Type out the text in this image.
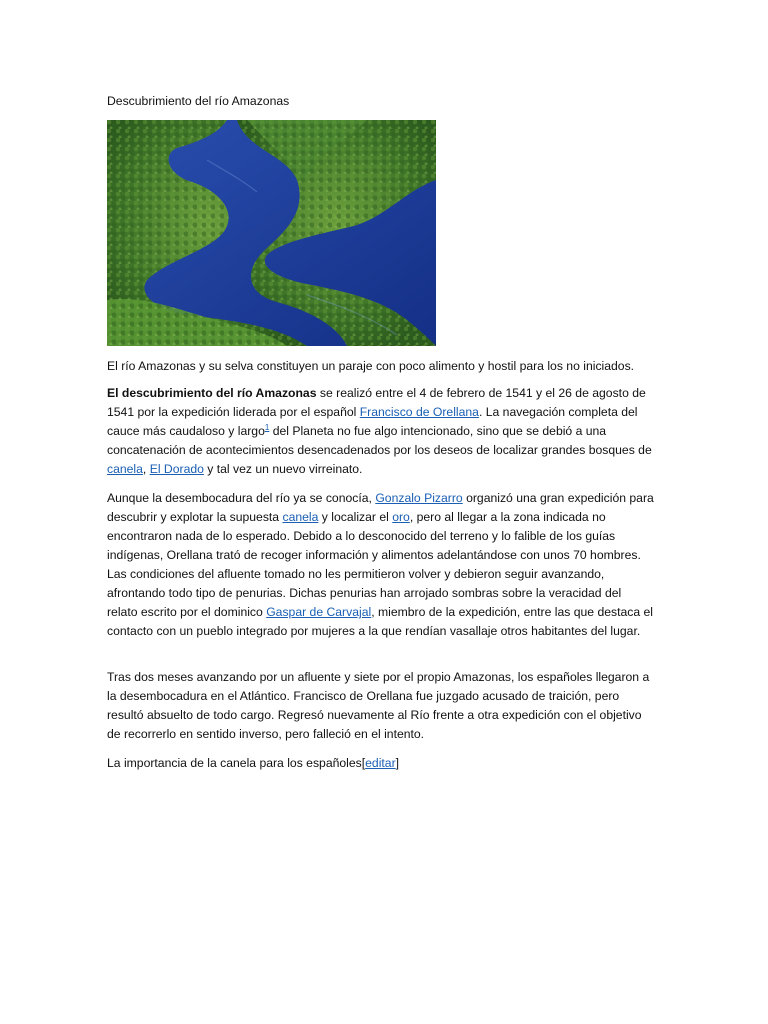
Descubrimiento del río Amazonas

El río Amazonas y su selva constituyen un paraje con poco alimento y hostil para los no iniciados.

El descubrimiento del río Amazonas se realizó entre el 4 de febrero de 1541 y el 26 de agosto de 1541 por la expedición liderada por el español Francisco de Orellana. La navegación completa del cauce más caudaloso y largo$^1$ del Planeta no fue algo intencionado, sino que se debió a una concatenación de acontecimientos desencadenados por los deseos de localizar grandes bosques de canela, El Dorado y tal vez un nuevo virreinato.

Aunque la desembocadura del río ya se conocía, Gonzalo Pizarro organizó una gran expedición para descubrir y explotar la supuesta canela y localizar el oro, pero al llegar a la zona indicada no encontraron nada de lo esperado. Debido a lo desconocido del terreno y lo falible de los guías indígenas, Orellana trató de recoger información y alimentos adelantándose con unos 70 hombres. Las condiciones del afluente tomado no les permitieron volver y debieron seguir avanzando, afrontando todo tipo de penurias. Dichas penurias han arrojado sombras sobre la veracidad del relato escrito por el dominico Gaspar de Carvajal, miembro de la expedición, entre las que destaca el contacto con un pueblo integrado por mujeres a la que rendían vasallaje otros habitantes del lugar.

Tras dos meses avanzando por un afluente y siete por el propio Amazonas, los españoles llegaron a la desembocadura en el Atlántico. Francisco de Orellana fue juzgado acusado de traición, pero resultó absuelto de todo cargo. Regresó nuevamente al Río frente a otra expedición con el objetivo de recorrerlo en sentido inverso, pero falleció en el intento.

La importancia de la canela para los españoles[editar]
